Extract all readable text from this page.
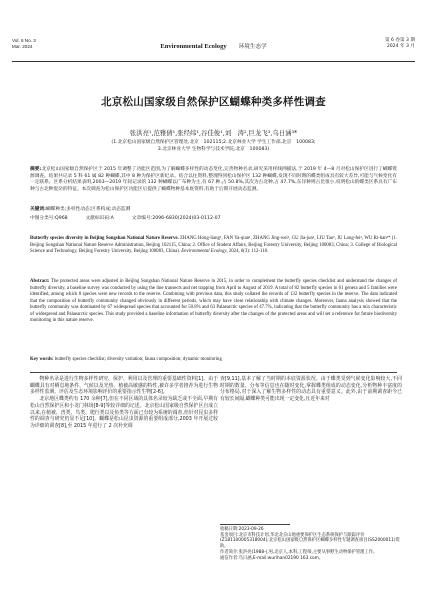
Vol. 6 No. 3
Mar. 2024	Environmental Ecology 环境生态学
第 6 卷第 3 期
2024 年 3 月
北京松山国家级自然保护区蝴蝶种类多样性调查
张洪亮¹,范雅倩¹,张经纬¹,谷佳俊¹,刘　涛²,巨龙飞³,乌日涵³*
(1.北京松山国家级自然保护区管理处,北京　102115;2.北京林业大学 学生工作部,北京　100083;
3.北京林业大学 生物科学与技术学院,北京　100083)
摘要:北京松山国家级自然保护区于 2015 年调整了功能区范围,为了解蝴蝶多样性的动态变化,完善物种名录,研究采用样线网捕法,于 2019 年 4—8 月对松山保护区进行了蝴蝶资源调查。结果共记录 5 科 61 属 82 种蝴蝶,其中 8 种为保护区新纪录。结合以往资料,整理得到松山保护区 132 种蝴蝶,发现不同时期的蝶类组成具有较大差异,可能与气候变化有一定联系。区系分析结果表明,2003—2019 年间记录的 132 种蝴蝶以广布种为主,有 67 种,占 50.8%,其次为古北种,占 47.7%,东洋种则占比很小,说明松山的蝶类区系具有广布种与古北种混杂的特征。本次调查为松山保护区功能区后提供了蝴蝶物种基本底资料,有助于后期开展动态监测。
关键词:蝴蝶种类;多样性动态;区系构成;动态监测
中图分类号:Q968	文献标识码:A	文章编号:2096-6830(2024)03-0112-07
Butterfly species diversity in Beijing Songshan National Nature Reserve. ZHANG Hong-liang¹, FAN Ya-qian¹, ZHANG Jing-wei¹, GU Jia-jun¹, LIU Tao², JU Long-fei³, WU Ri-han³* (1. Beijing Songshan National Nature Reserve Administration, Beijing 102115, China; 2. Office of Student Affairs, Beijing Forestry University, Beijing 100083, China; 3. College of Biological Science and Technology, Beijing Forestry University, Beijing 100083, China). Environmental Ecology, 2024, 6(3): 112-118.
Abstract: The protected areas were adjusted in Beijing Songshan National Nature Reserve in 2015, in order to complement the butterfly species checklist and understand the changes of butterfly diversity, a baseline survey was conducted by using the line transects and net trapping from April to August of 2019. A total of 82 butterfly species in 61 genera and 5 families were identified, among which 8 species were new records to the reserve. Combining with previous data, this study collated the records of 132 butterfly species in the reserve. The data indicated that the composition of butterfly community changed obviously in different periods, which may have close relationship with climate changes. Moreover, fauna analysis showed that the butterfly community was dominated by 67 widespread species that accounted for 50.8% and 63 Palaearctic species of 47.7%, indicating that the butterfly community has a mix characteristic of widespread and Palaearctic species. This study provided a baseline information of butterfly diversity after the changes of the protected areas and will set a reference for future biodiversity monitoring in this nature reserve.
Key words: butterfly species checklist; diversity variation; fauna composition; dynamic monitoring

物种名录是进行生物多样性研究、保护、利用以及管理的重要基础性资料[1]。由于蝴蝶具有对栖息地条件、气候以及光热、植被高敏感的特性,被许多学者推荐为进行生物多样性监测、评估及生态环境影响评价的重要指示性生物[2-6]。

北京地区蝶类约有 170 余种[7],但在不同区域的具体名录较为缺乏或不全面,早期有松山自然保护区和小龙门林场[8-9]等较详细的记述。北京松山国家级自然保护区自成立以来,在植被、兽类、鸟类、爬行类以及鱼类等方面已有较为系统的调查,但针对昆虫多样性的调查与研究仍显不足[10]。蝴蝶是松山昆虫资源的重要组成部分,2003 年开展过较为详细的调查[8],至 2015 年进行了 2 次补充调

查[9,11],基本了解了当时期的本底资源状况。由于蝶类受到气候变化影响较大,不同时期的数量、分布等信息也在随时变化,掌握蝶类组成的动态变化,分析物种丰富度的分布格局,对于深入了解生物多样性的动态具有重要意义。此外,由于前期调查距今已有较长间隔,蝴蝶种类可能出现一定变化,且近年来对

收稿日期:2023-09-26
基金项目:北京市科技计划,华北北京山地重要保护区生态系统保护与跟踪评价(Z181100005318004);北京松山国家级自然保护区蝴蝶多样性专题调查项目(SS2000011)资助。
作者简介:张洪亮(1988-),男,北京人,本科,工程师,主要从事野生动物保护管理工作。
通信作者:乌日涵,E-mail:wurihan02190 163.com。
